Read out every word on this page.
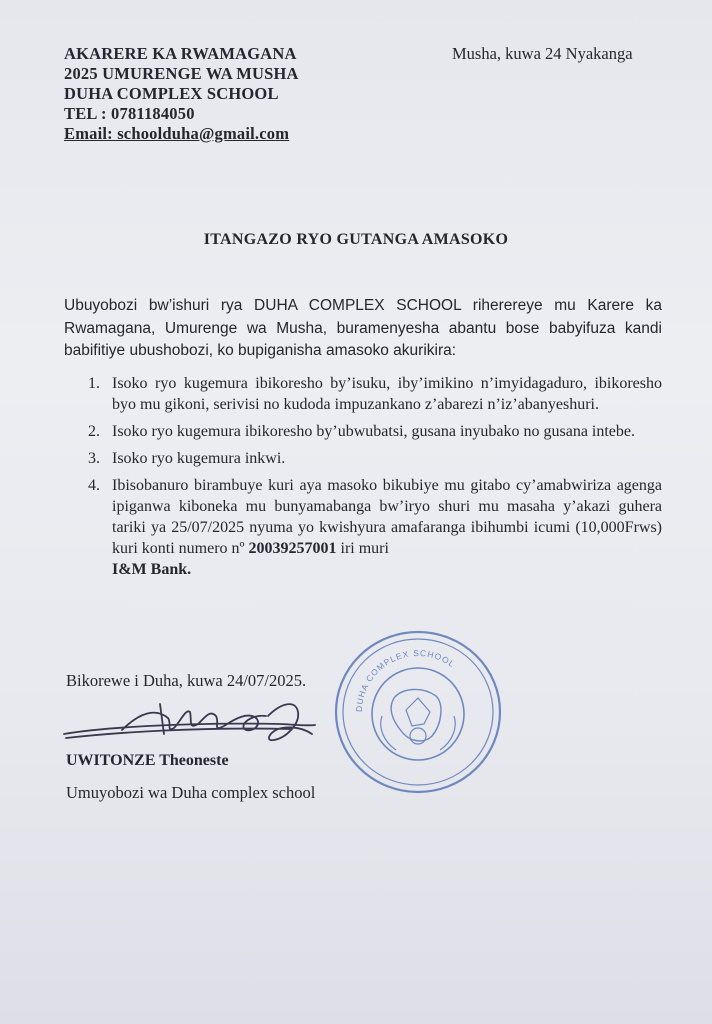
AKARERE KA RWAMAGANA
2025 UMURENGE WA MUSHA
DUHA COMPLEX SCHOOL
TEL : 0781184050
Email: schoolduha@gmail.com
Musha, kuwa 24 Nyakanga
ITANGAZO RYO GUTANGA AMASOKO
Ubuyobozi bw’ishuri rya DUHA COMPLEX SCHOOL riherereye mu Karere ka Rwamagana, Umurenge wa Musha, buramenyesha abantu bose babyifuza kandi babifitiye ubushobozi, ko bupiganisha amasoko akurikira:
1. Isoko ryo kugemura ibikoresho by’isuku, iby’imikino n’imyidagaduro, ibikoresho byo mu gikoni, serivisi no kudoda impuzankano z’abarezi n’iz’abanyeshuri.
2. Isoko ryo kugemura ibikoresho by’ubwubatsi, gusana inyubako no gusana intebe.
3. Isoko ryo kugemura inkwi.
4. Ibisobanuro birambuye kuri aya masoko bikubiye mu gitabo cy’amabwiriza agenga ipiganwa kiboneka mu bunyamabanga bw’iryo shuri mu masaha y’akazi guhera tariki ya 25/07/2025 nyuma yo kwishyura amafaranga ibihumbi icumi (10,000Frws) kuri konti numero nº 20039257001 iri muri
I&M Bank.
Bikorewe i Duha, kuwa 24/07/2025.
UWITONZE Theoneste
Umuyobozi wa Duha complex school
DUHA COMPLEX SCHOOL
